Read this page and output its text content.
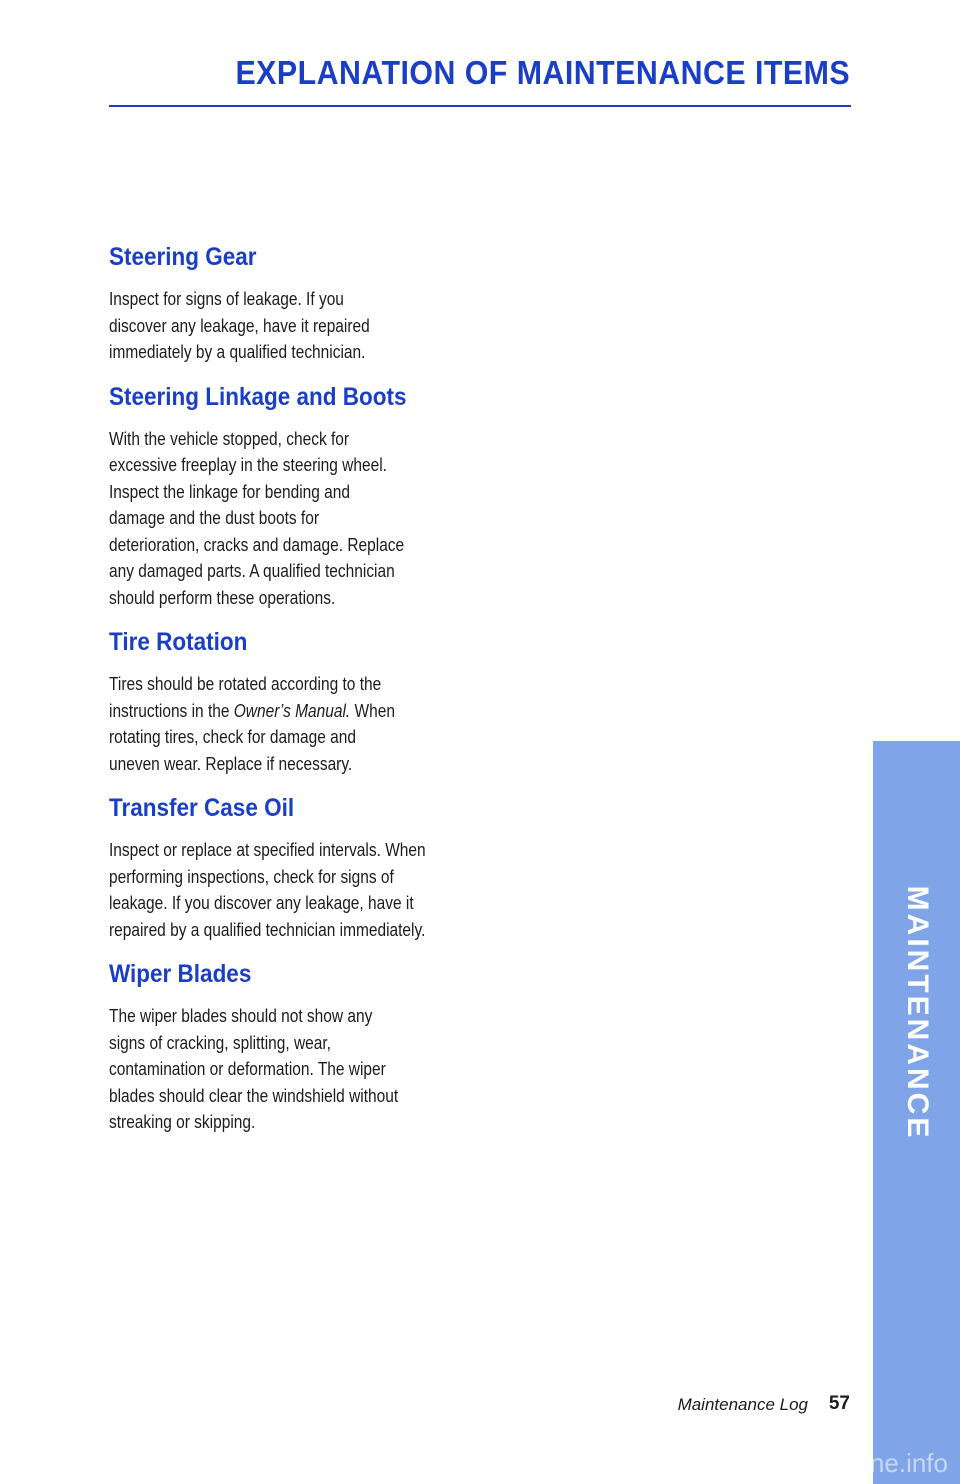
EXPLANATION OF MAINTENANCE ITEMS
Steering Gear

Inspect for signs of leakage. If you
discover any leakage, have it repaired
immediately by a qualified technician.

Steering Linkage and Boots

With the vehicle stopped, check for
excessive freeplay in the steering wheel.
Inspect the linkage for bending and
damage and the dust boots for
deterioration, cracks and damage. Replace
any damaged parts. A qualified technician
should perform these operations.

Tire Rotation

Tires should be rotated according to the
instructions in the Owner’s Manual. When
rotating tires, check for damage and
uneven wear. Replace if necessary.

Transfer Case Oil

Inspect or replace at specified intervals. When
performing inspections, check for signs of
leakage. If you discover any leakage, have it
repaired by a qualified technician immediately.

Wiper Blades

The wiper blades should not show any
signs of cracking, splitting, wear,
contamination or deformation. The wiper
blades should clear the windshield without
streaking or skipping.	MAINTENANCE
Maintenance Log 57
carmanualsonline.info
